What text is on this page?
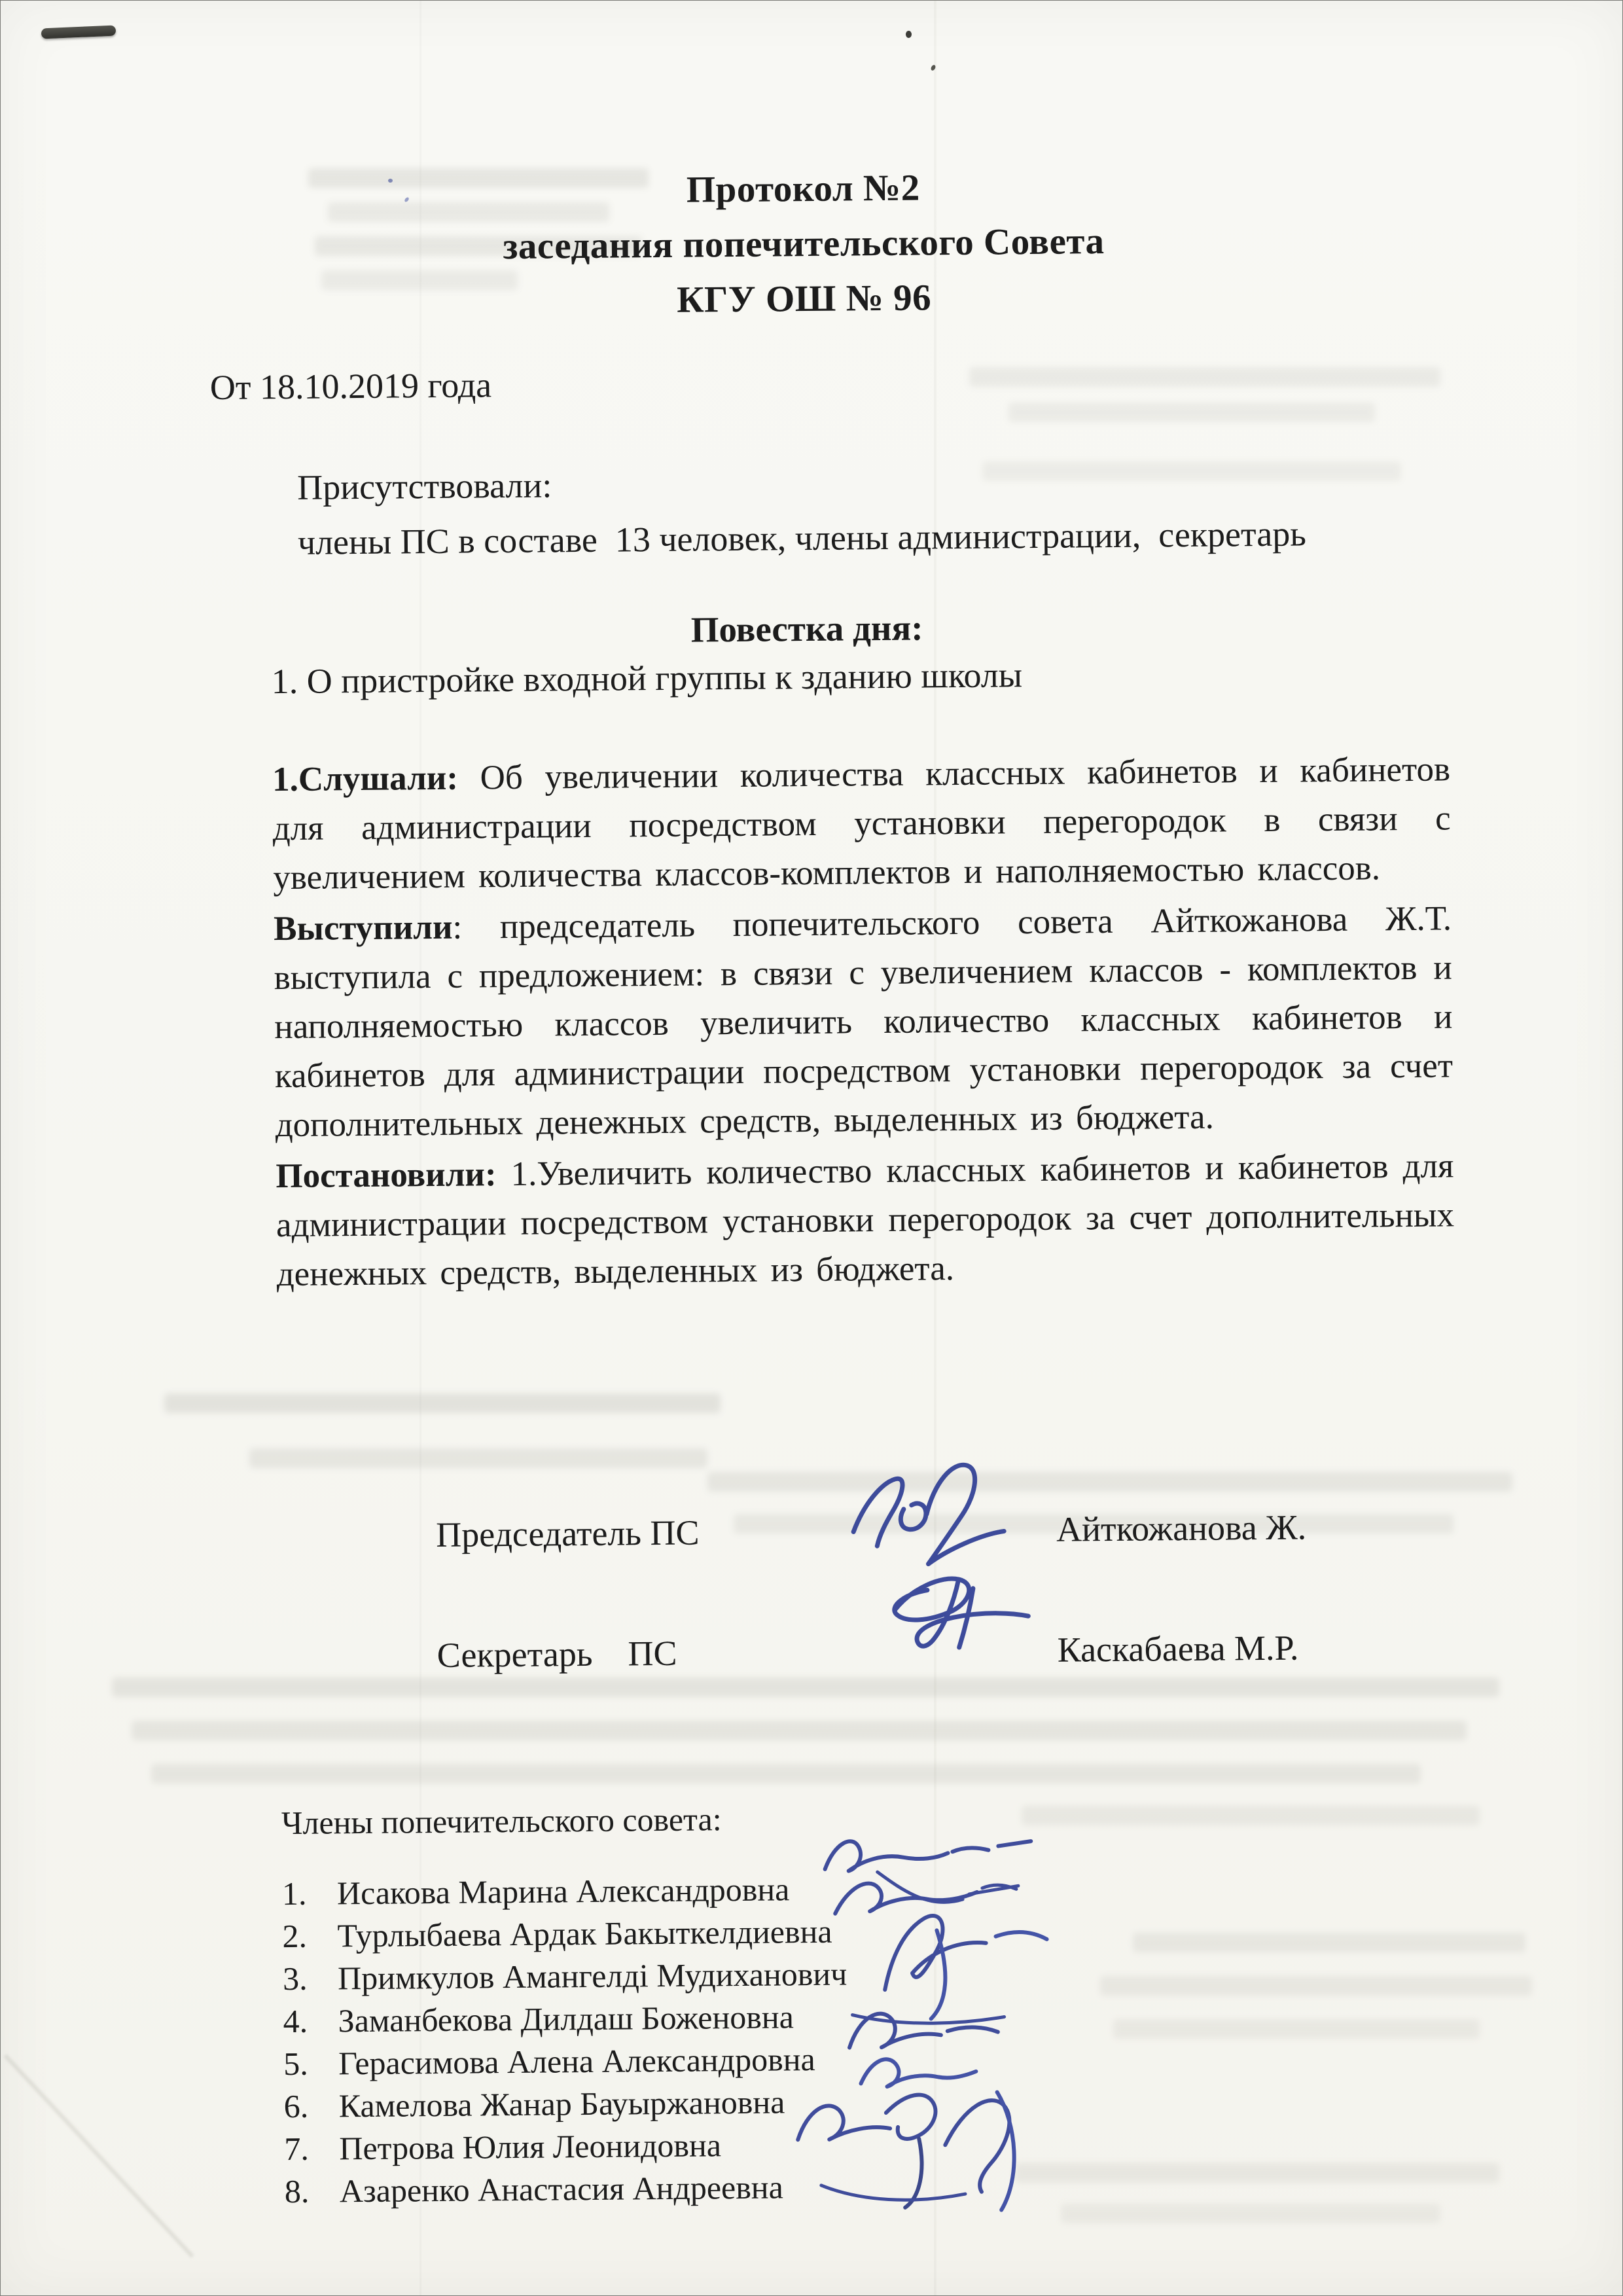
Протокол №2
заседания попечительского Совета
КГУ ОШ № 96
От 18.10.2019 года
Присутствовали:
члены ПС в составе  13 человек, члены администрации,  секретарь
Повестка дня:
1. О пристройке входной группы к зданию школы

1.Слушали: Об увеличении количества классных кабинетов и кабинетов для администрации посредством установки перегородок в связи с увеличением количества классов-комплектов и наполняемостью классов.

Выступили: председатель попечительского совета Айткожанова Ж.Т. выступила с предложением: в связи с увеличением классов - комплектов и наполняемостью классов увеличить количество классных кабинетов и кабинетов для администрации посредством установки перегородок за счет дополнительных денежных средств, выделенных из бюджета.

Постановили: 1.Увеличить количество классных кабинетов и кабинетов для администрации посредством установки перегородок за счет дополнительных денежных средств, выделенных из бюджета.

Председатель ПС	Айткожанова Ж.
Секретарь    ПС	Каскабаева М.Р.
Члены попечительского совета:
1. Исакова Марина Александровна
2. Турлыбаева Ардак Бакыткелдиевна
3. Примкулов Амангелді Мудиханович
4. Заманбекова Дилдаш Боженовна
5. Герасимова Алена Александровна
6. Камелова Жанар Бауыржановна
7. Петрова Юлия Леонидовна
8. Азаренко Анастасия Андреевна
